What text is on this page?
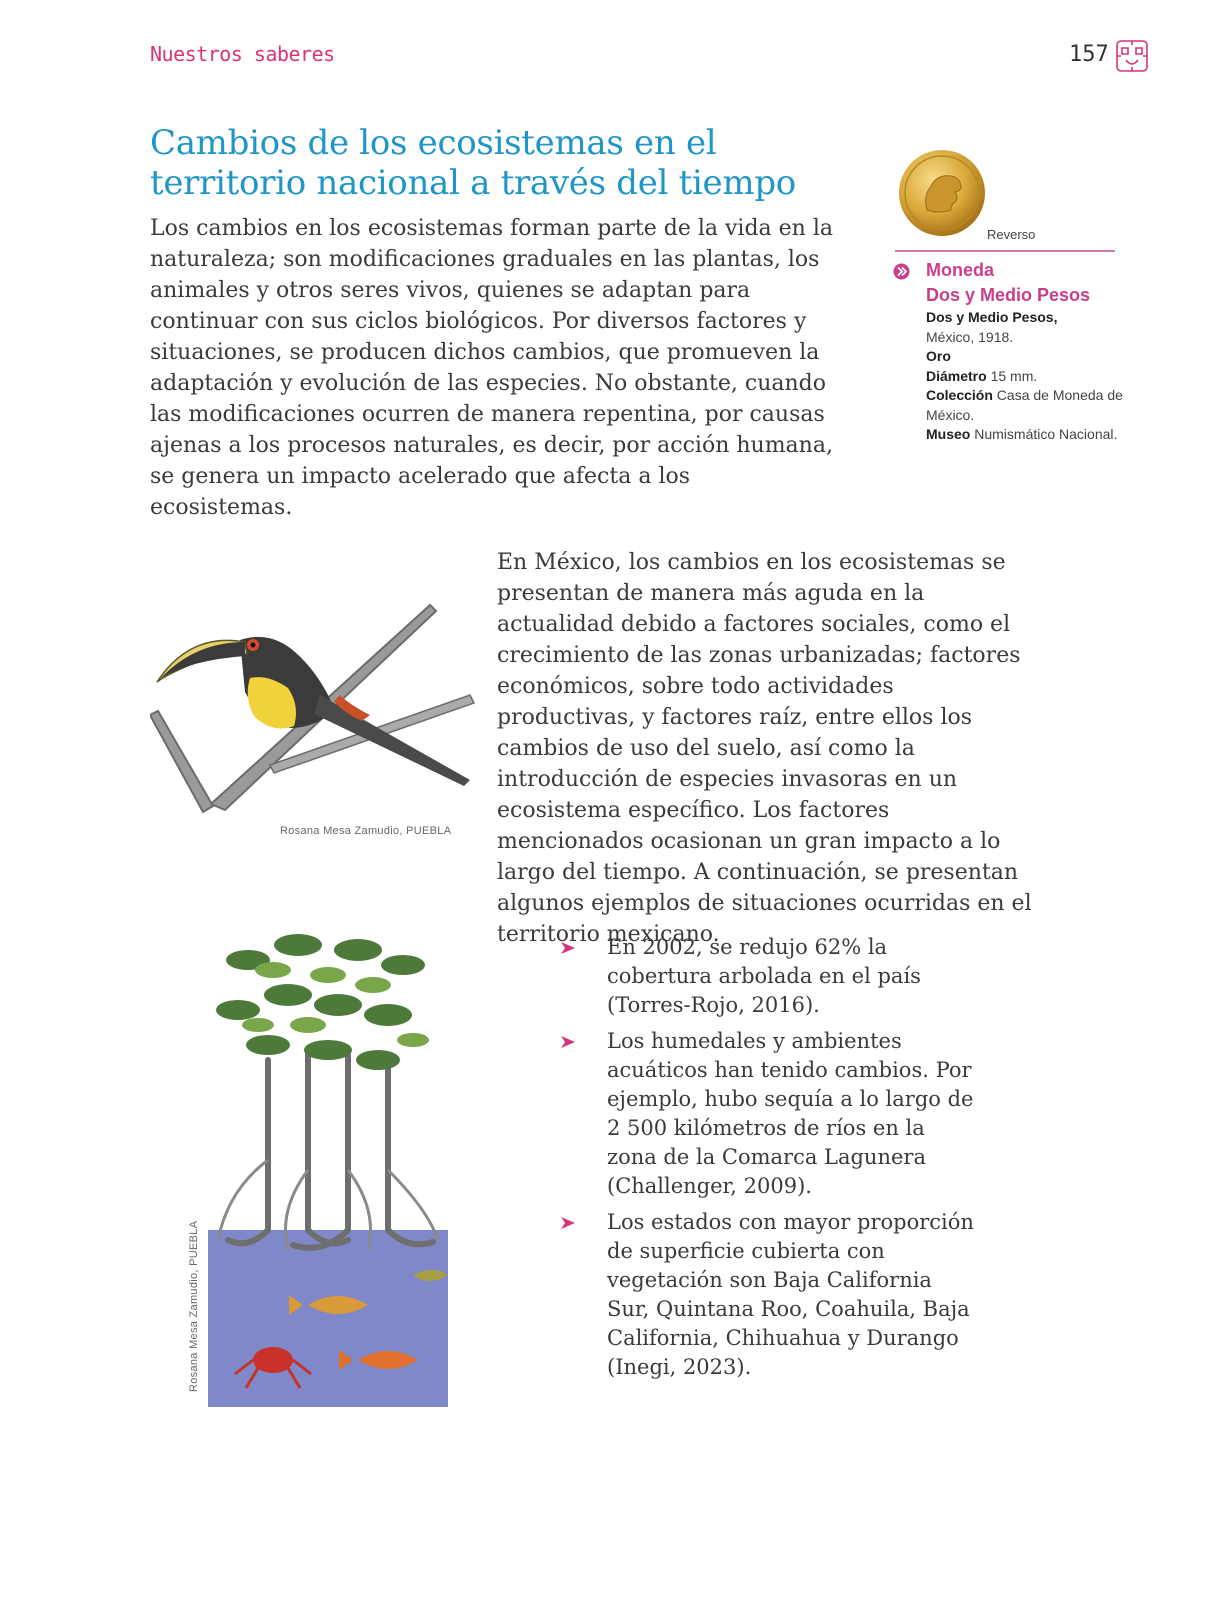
Nuestros saberes	157
Cambios de los ecosistemas en el
territorio nacional a través del tiempo

Los cambios en los ecosistemas forman parte de la vida en la naturaleza; son modificaciones graduales en las plantas, los animales y otros seres vivos, quienes se adaptan para continuar con sus ciclos biológicos. Por diversos factores y situaciones, se producen dichos cambios, que promueven la adaptación y evolución de las especies. No obstante, cuando las modificaciones ocurren de manera repentina, por causas ajenas a los procesos naturales, es decir, por acción humana, se genera un impacto acelerado que afecta a los ecosistemas.

Reverso
Moneda
Dos y Medio Pesos
Dos y Medio Pesos,
México, 1918.
Oro
Diámetro 15 mm.
Colección Casa de Moneda de México.
Museo Numismático Nacional.
Rosana Mesa Zamudio, PUEBLA

En México, los cambios en los ecosistemas se presentan de manera más aguda en la actualidad debido a factores sociales, como el crecimiento de las zonas urbanizadas; factores económicos, sobre todo actividades productivas, y factores raíz, entre ellos los cambios de uso del suelo, así como la introducción de especies invasoras en un ecosistema específico. Los factores mencionados ocasionan un gran impacto a lo largo del tiempo. A continuación, se presentan algunos ejemplos de situaciones ocurridas en el territorio mexicano.

Rosana Mesa Zamudio, PUEBLA
En 2002, se redujo 62% la cobertura arbolada en el país (Torres-Rojo, 2016).
Los humedales y ambientes acuáticos han tenido cambios. Por ejemplo, hubo sequía a lo largo de 2 500 kilómetros de ríos en la zona de la Comarca Lagunera (Challenger, 2009).
Los estados con mayor proporción de superficie cubierta con vegetación son Baja California Sur, Quintana Roo, Coahuila, Baja California, Chihuahua y Durango (Inegi, 2023).
